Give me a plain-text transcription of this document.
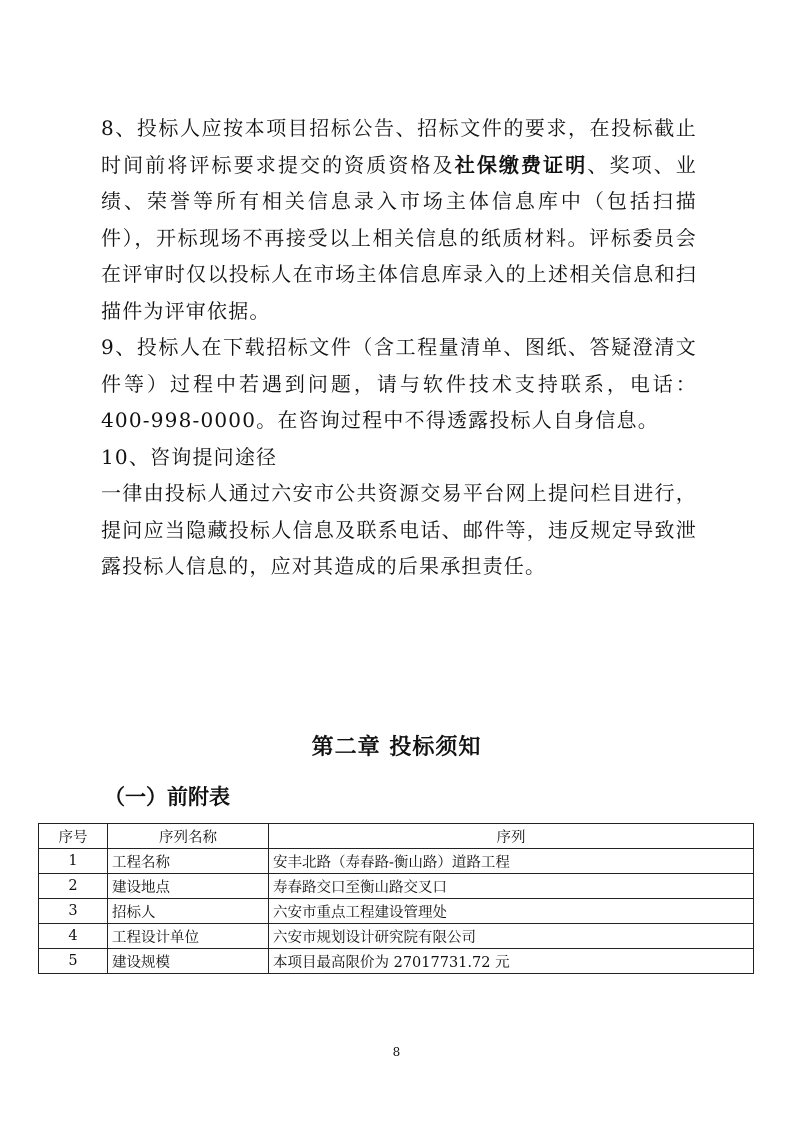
8、投标人应按本项目招标公告、招标文件的要求，在投标截止时间前将评标要求提交的资质资格及社保缴费证明、奖项、业绩、荣誉等所有相关信息录入市场主体信息库中（包括扫描件），开标现场不再接受以上相关信息的纸质材料。评标委员会在评审时仅以投标人在市场主体信息库录入的上述相关信息和扫描件为评审依据。

9、投标人在下载招标文件（含工程量清单、图纸、答疑澄清文件等）过程中若遇到问题，请与软件技术支持联系，电话：400-998-0000。在咨询过程中不得透露投标人自身信息。

10、咨询提问途径

一律由投标人通过六安市公共资源交易平台网上提问栏目进行，提问应当隐藏投标人信息及联系电话、邮件等，违反规定导致泄露投标人信息的，应对其造成的后果承担责任。

第二章 投标须知
（一）前附表
序号	序列名称	序列
1	工程名称	安丰北路（寿春路-衡山路）道路工程
2	建设地点	寿春路交口至衡山路交叉口
3	招标人	六安市重点工程建设管理处
4	工程设计单位	六安市规划设计研究院有限公司
5	建设规模	本项目最高限价为 27017731.72 元
8
